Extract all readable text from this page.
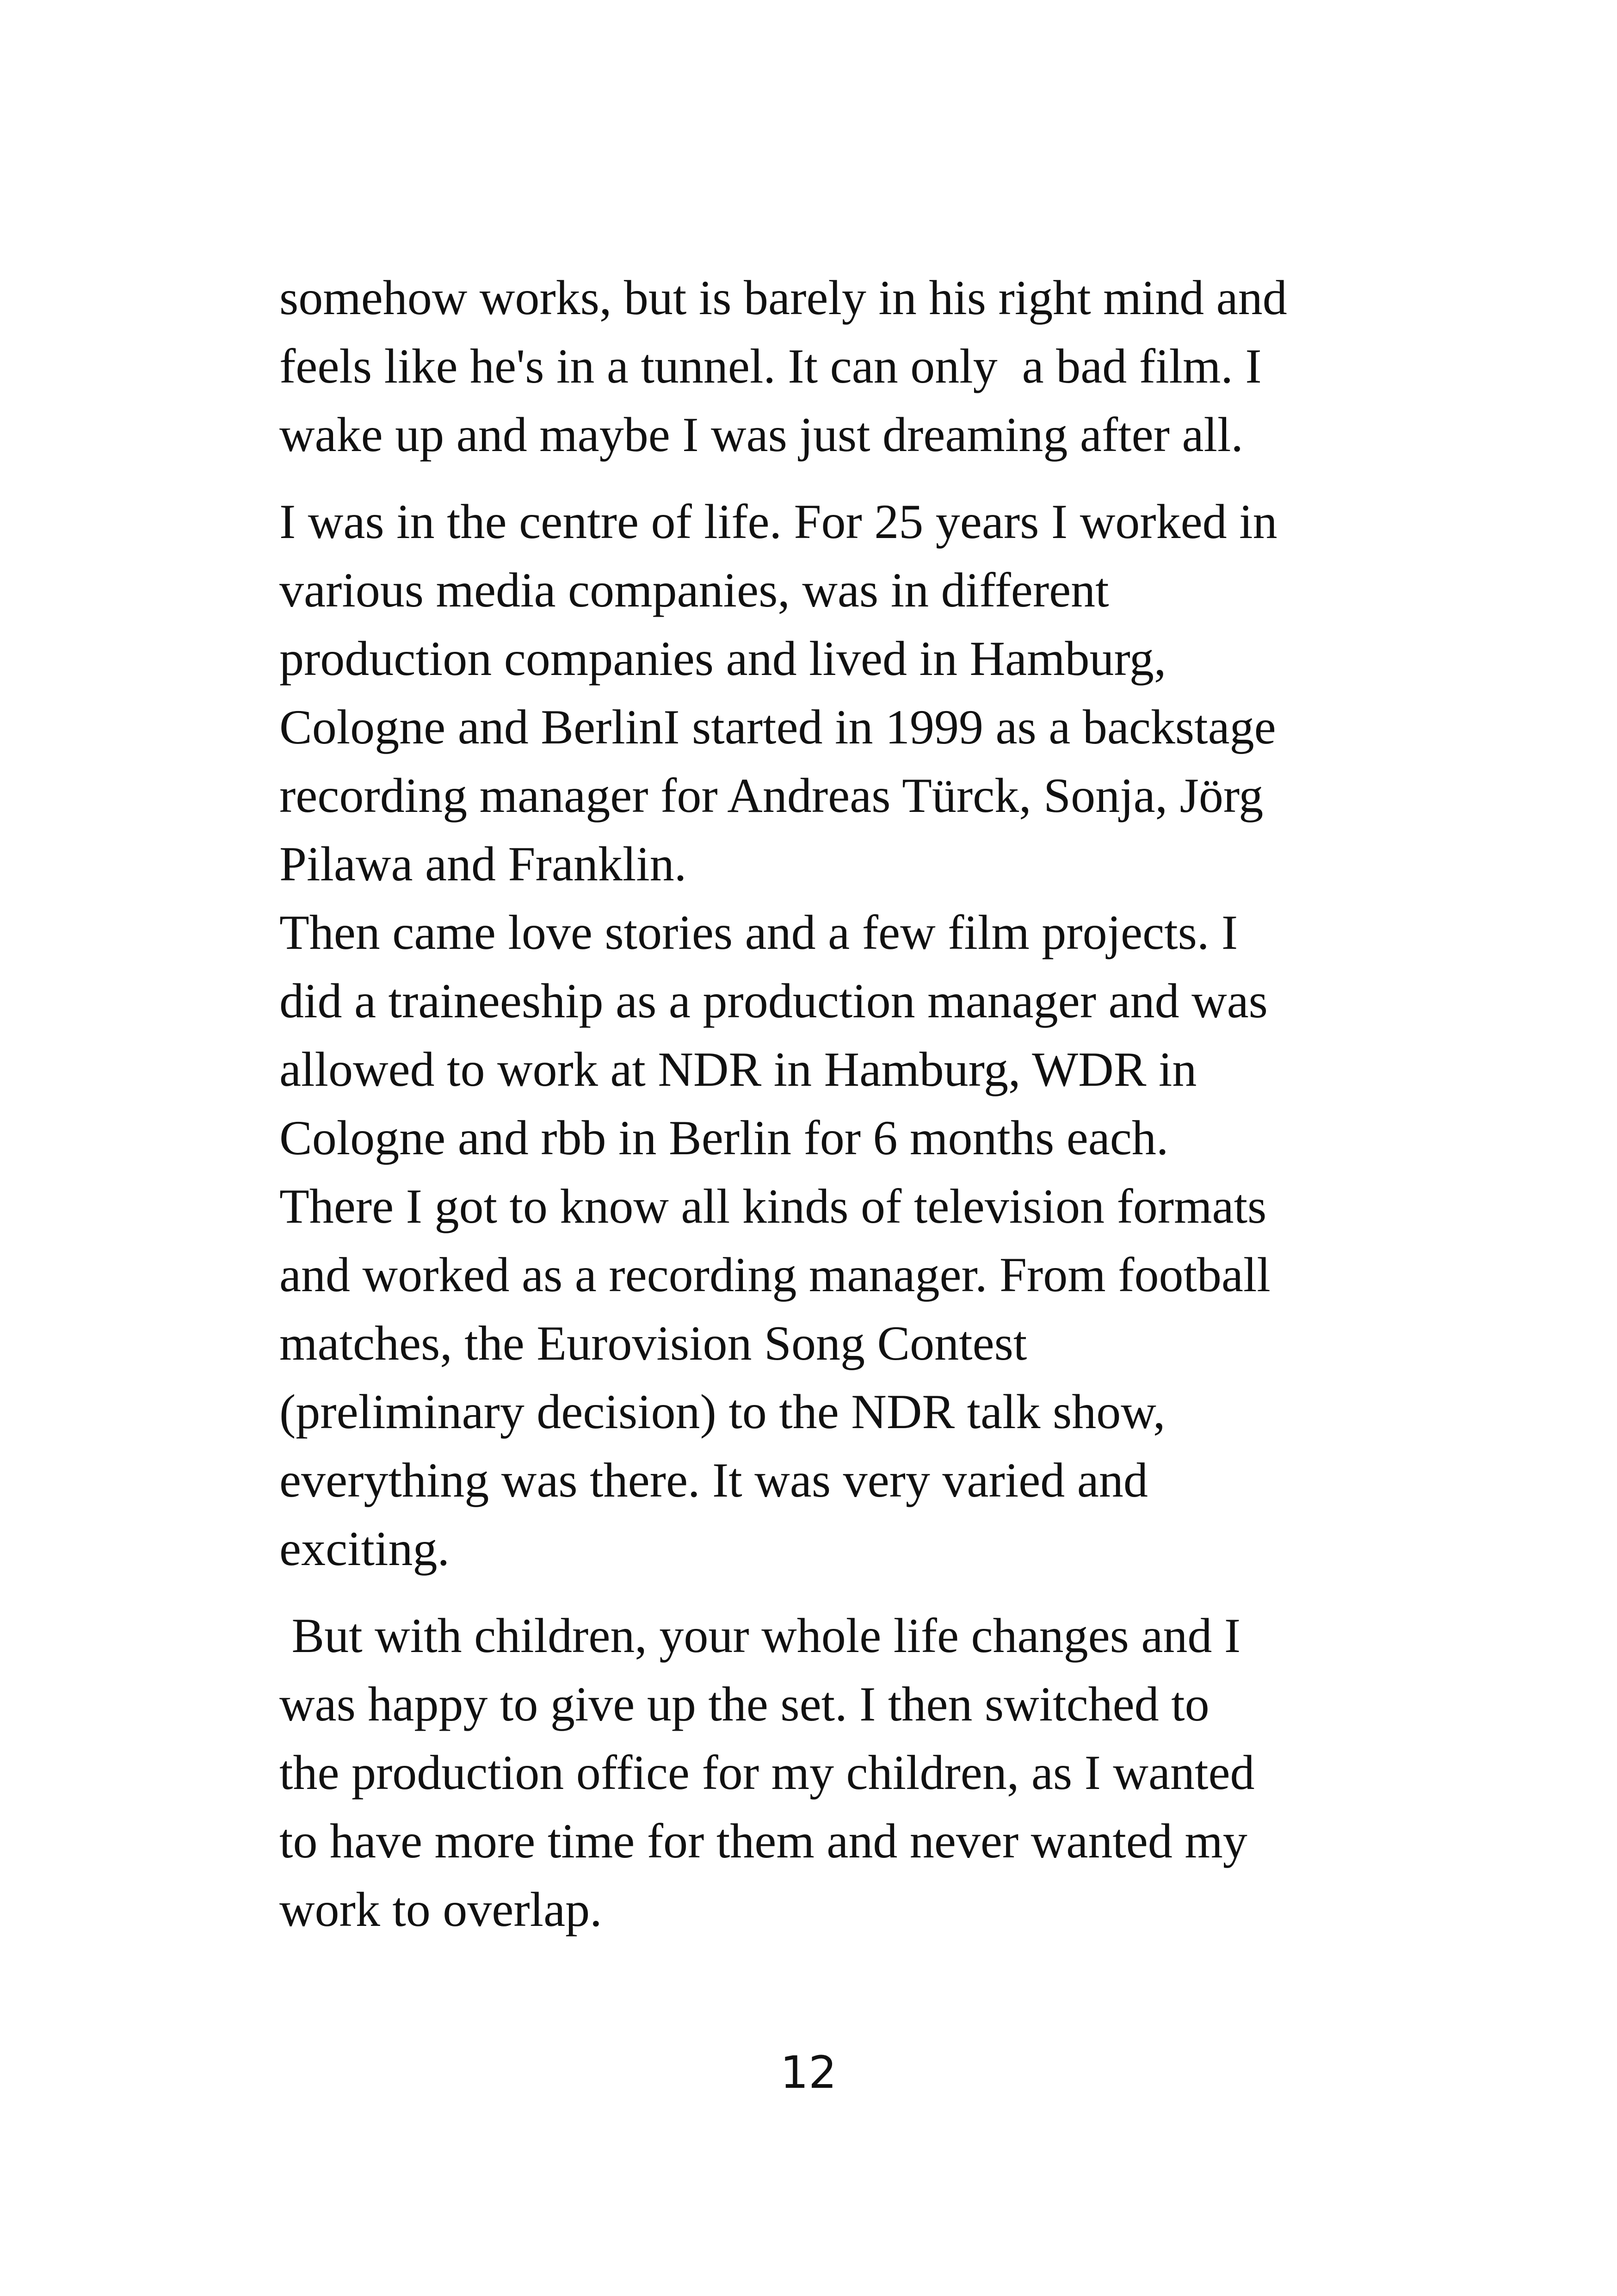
somehow works, but is barely in his right mind and
feels like he's in a tunnel. It can only  a bad film. I
wake up and maybe I was just dreaming after all.
I was in the centre of life. For 25 years I worked in
various media companies, was in different
production companies and lived in Hamburg,
Cologne and BerlinI started in 1999 as a backstage
recording manager for Andreas Türck, Sonja, Jörg
Pilawa and Franklin.
Then came love stories and a few film projects. I
did a traineeship as a production manager and was
allowed to work at NDR in Hamburg, WDR in
Cologne and rbb in Berlin for 6 months each.
There I got to know all kinds of television formats
and worked as a recording manager. From football
matches, the Eurovision Song Contest
(preliminary decision) to the NDR talk show,
everything was there. It was very varied and
exciting.
But with children, your whole life changes and I
was happy to give up the set. I then switched to
the production office for my children, as I wanted
to have more time for them and never wanted my
work to overlap.
12
